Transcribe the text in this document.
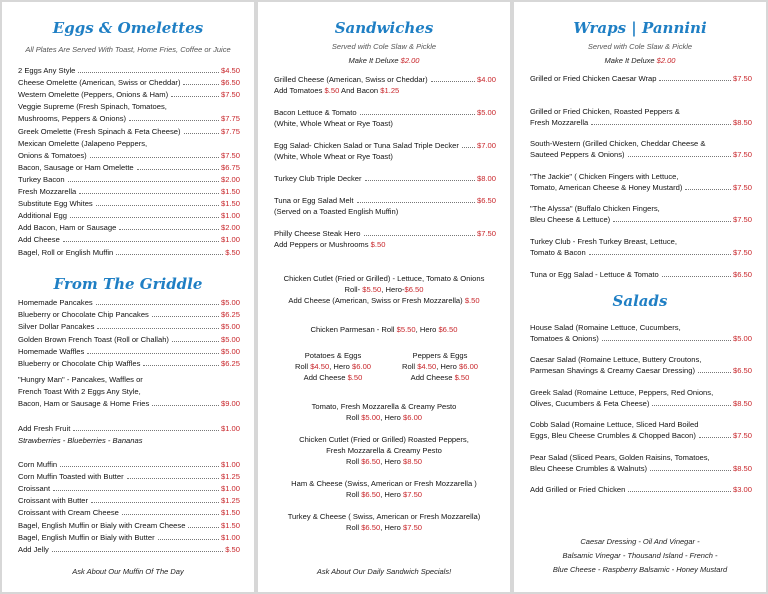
Eggs & Omelettes
All Plates Are Served With Toast, Home Fries, Coffee or Juice
2 Eggs Any Style	$4.50
Cheese Omelette (American, Swiss or Cheddar)	$6.50
Western Omelette (Peppers, Onions & Ham)	$7.50
Veggie Supreme (Fresh Spinach, Tomatoes,
Mushrooms, Peppers & Onions)	$7.75
Greek Omelette (Fresh Spinach & Feta Cheese)	$7.75
Mexican Omelette (Jalapeno Peppers,
Onions & Tomatoes)	$7.50
Bacon, Sausage or Ham Omelette	$6.75
Turkey Bacon	$2.00
Fresh Mozzarella	$1.50
Substitute Egg Whites	$1.50
Additional Egg	$1.00
Add Bacon, Ham or Sausage	$2.00
Add Cheese	$1.00
Bagel, Roll or English Muffin	$.50
From The Griddle
Homemade Pancakes	$5.00
Blueberry or Chocolate Chip Pancakes	$6.25
Silver Dollar Pancakes	$5.00
Golden Brown French Toast (Roll or Challah)	$5.00
Homemade Waffles	$5.00
Blueberry or Chocolate Chip Waffles	$6.25
"Hungry Man" - Pancakes, Waffles or
French Toast With 2 Eggs Any Style,
Bacon, Ham or Sausage & Home Fries	$9.00
Add Fresh Fruit	$1.00
Strawberries - Blueberries - Bananas
Corn Muffin	$1.00
Corn Muffin Toasted with Butter	$1.25
Croissant	$1.00
Croissant with Butter	$1.25
Croissant with Cream Cheese	$1.50
Bagel, English Muffin or Bialy with Cream Cheese	$1.50
Bagel, English Muffin or Bialy with Butter	$1.00
Add Jelly	$.50
Ask About Our Muffin Of The Day
Sandwiches
Served with Cole Slaw & Pickle
Make It Deluxe $2.00
Grilled Cheese (American, Swiss or Cheddar)	$4.00
Add Tomatoes $.50 And Bacon $1.25
Bacon Lettuce & Tomato	$5.00
(White, Whole Wheat or Rye Toast)
Egg Salad- Chicken Salad or Tuna Salad Triple Decker $7.00
(White, Whole Wheat or Rye Toast)
Turkey Club Triple Decker	$8.00
Tuna or Egg Salad Melt	$6.50
(Served on a Toasted English Muffin)
Philly Cheese Steak Hero	$7.50
Add Peppers or Mushrooms $.50
Chicken Cutlet (Fried or Grilled) - Lettuce, Tomato & Onions
Roll- $5.50, Hero-$6.50
Add Cheese (American, Swiss or Fresh Mozzarella) $.50
Chicken Parmesan - Roll $5.50, Hero $6.50
Potatoes & Eggs
Roll $4.50, Hero $6.00
Add Cheese $.50
Peppers & Eggs
Roll $4.50, Hero $6.00
Add Cheese $.50
Tomato, Fresh Mozzarella & Creamy Pesto
Roll $5.00, Hero $6.00
Chicken Cutlet (Fried or Grilled) Roasted Peppers,
Fresh Mozzarella & Creamy Pesto
Roll $6.50, Hero $8.50
Ham & Cheese (Swiss, American or Fresh Mozzarella )
Roll $6.50, Hero $7.50
Turkey & Cheese ( Swiss, American or Fresh Mozzarella)
Roll $6.50, Hero $7.50
Ask About Our Daily Sandwich Specials!
Wraps | Pannini
Served with Cole Slaw & Pickle
Make It Deluxe $2.00
Grilled or Fried Chicken Caesar Wrap	$7.50
Grilled or Fried Chicken, Roasted Peppers &
Fresh Mozzarella	$8.50
South-Western (Grilled Chicken, Cheddar Cheese &
Sauteed Peppers & Onions)	$7.50
"The Jackie" ( Chicken Fingers with Lettuce,
Tomato, American Cheese & Honey Mustard)	$7.50
"The Alyssa" (Buffalo Chicken Fingers,
Bleu Cheese & Lettuce)	$7.50
Turkey Club - Fresh Turkey Breast, Lettuce,
Tomato & Bacon	$7.50
Tuna or Egg Salad - Lettuce & Tomato	$6.50
Salads
House Salad (Romaine Lettuce, Cucumbers,
Tomatoes & Onions)	$5.00
Caesar Salad (Romaine Lettuce, Buttery Croutons,
Parmesan Shavings & Creamy Caesar Dressing)	$6.50
Greek Salad (Romaine Lettuce, Peppers, Red Onions,
Olives, Cucumbers & Feta Cheese)	$8.50
Cobb Salad (Romaine Lettuce, Sliced Hard Boiled
Eggs, Bleu Cheese Crumbles & Chopped Bacon)	$7.50
Pear Salad (Sliced Pears, Golden Raisins, Tomatoes,
Bleu Cheese Crumbles & Walnuts)	$8.50
Add Grilled or Fried Chicken	$3.00
Caesar Dressing - Oil And Vinegar -
Balsamic Vinegar - Thousand Island - French -
Blue Cheese - Raspberry Balsamic - Honey Mustard
